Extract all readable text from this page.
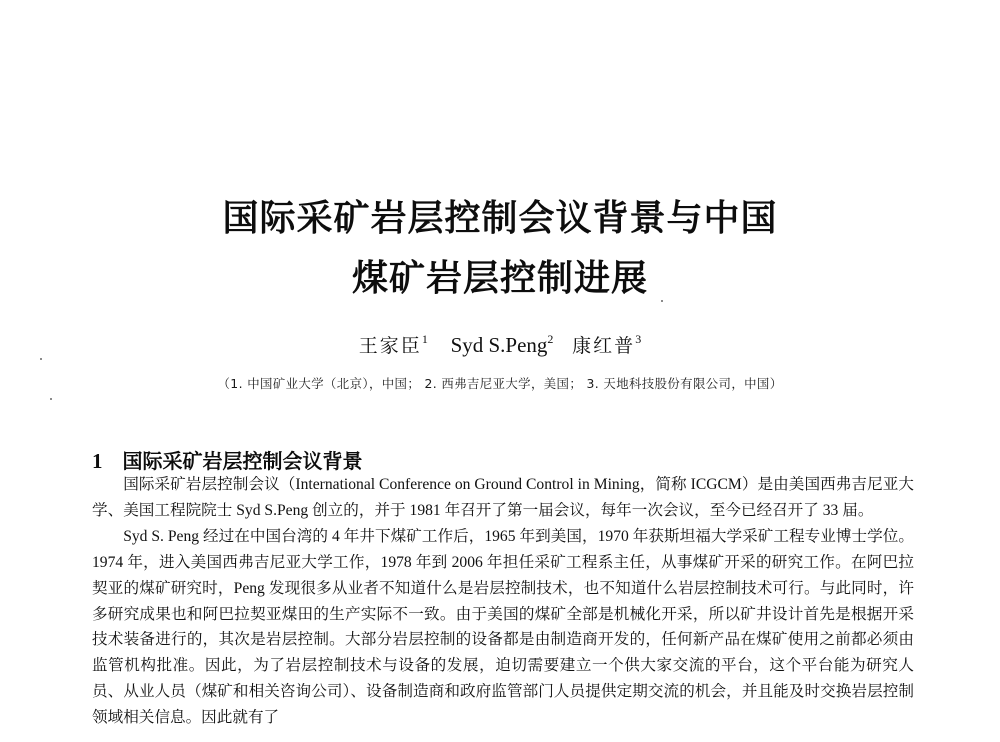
国际采矿岩层控制会议背景与中国
煤矿岩层控制进展
王家臣$^1$ Syd S.Peng$^2$ 康红普$^3$
（1. 中国矿业大学（北京），中国； 2. 西弗吉尼亚大学，美国； 3. 天地科技股份有限公司，中国）
1 国际采矿岩层控制会议背景

国际采矿岩层控制会议（International Conference on Ground Control in Mining，简称 ICGCM）是由美国西弗吉尼亚大学、美国工程院院士 Syd S.Peng 创立的，并于 1981 年召开了第一届会议，每年一次会议，至今已经召开了 33 届。

Syd S. Peng 经过在中国台湾的 4 年井下煤矿工作后，1965 年到美国，1970 年获斯坦福大学采矿工程专业博士学位。1974 年，进入美国西弗吉尼亚大学工作，1978 年到 2006 年担任采矿工程系主任，从事煤矿开采的研究工作。在阿巴拉契亚的煤矿研究时，Peng 发现很多从业者不知道什么是岩层控制技术，也不知道什么岩层控制技术可行。与此同时，许多研究成果也和阿巴拉契亚煤田的生产实际不一致。由于美国的煤矿全部是机械化开采，所以矿井设计首先是根据开采技术装备进行的，其次是岩层控制。大部分岩层控制的设备都是由制造商开发的，任何新产品在煤矿使用之前都必须由监管机构批准。因此，为了岩层控制技术与设备的发展，迫切需要建立一个供大家交流的平台，这个平台能为研究人员、从业人员（煤矿和相关咨询公司）、设备制造商和政府监管部门人员提供定期交流的机会，并且能及时交换岩层控制领域相关信息。因此就有了
